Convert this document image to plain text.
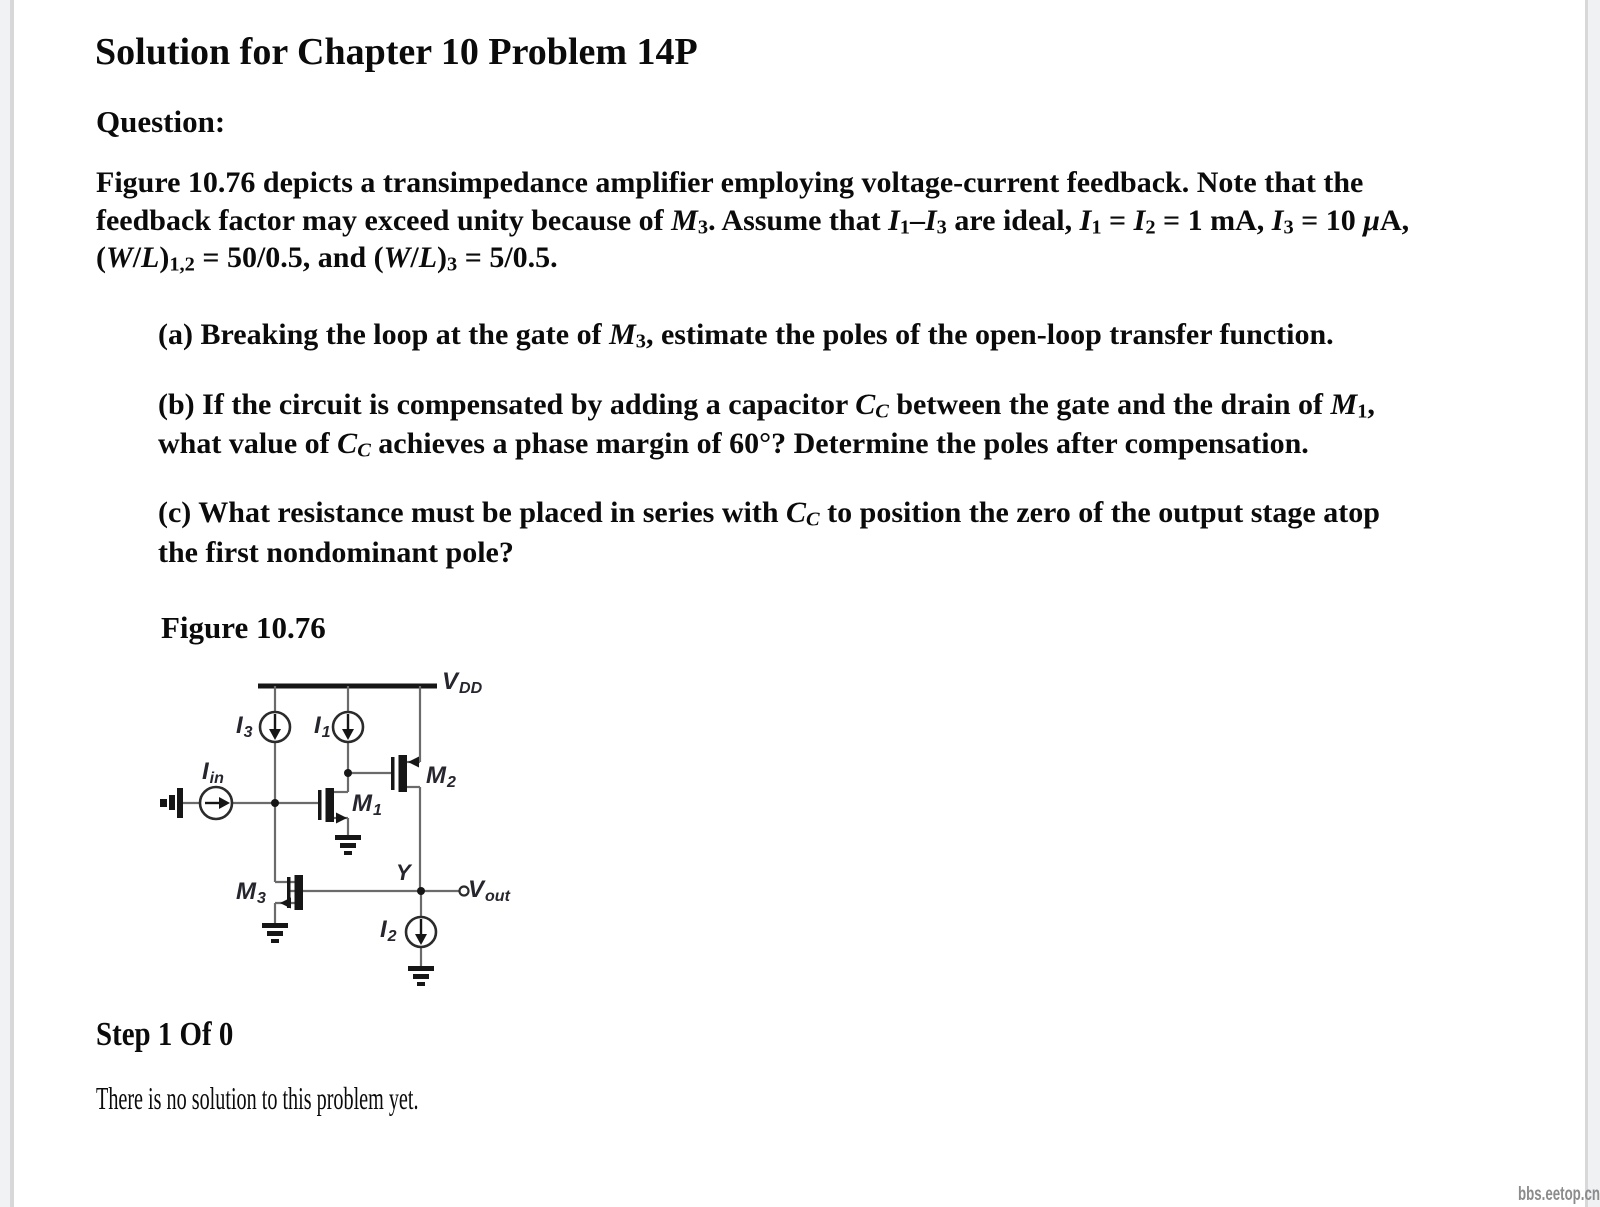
Solution for Chapter 10 Problem 14P
Question:
Figure 10.76 depicts a transimpedance amplifier employing voltage-current feedback. Note that the
feedback factor may exceed unity because of $M_3$. Assume that $I_1-I_3$ are ideal, $I_1 = I_2 = 1$ mA, $I_3 = 10$ μA,
$(W/L)_{1,2} = 50/0.5$, and $(W/L)_3 = 5/0.5$.
(a) Breaking the loop at the gate of $M_3$, estimate the poles of the open-loop transfer function.
(b) If the circuit is compensated by adding a capacitor $C_C$ between the gate and the drain of $M_1$,
what value of $C_C$ achieves a phase margin of 60°? Determine the poles after compensation.
(c) What resistance must be placed in series with $C_C$ to position the zero of the output stage atop
the first nondominant pole?
Figure 10.76
VDD
I3	I1
Iin
M1
M2
M3
I2
Y
Vout
Step 1 Of 0
There is no solution to this problem yet.
bbs.eetop.cn
